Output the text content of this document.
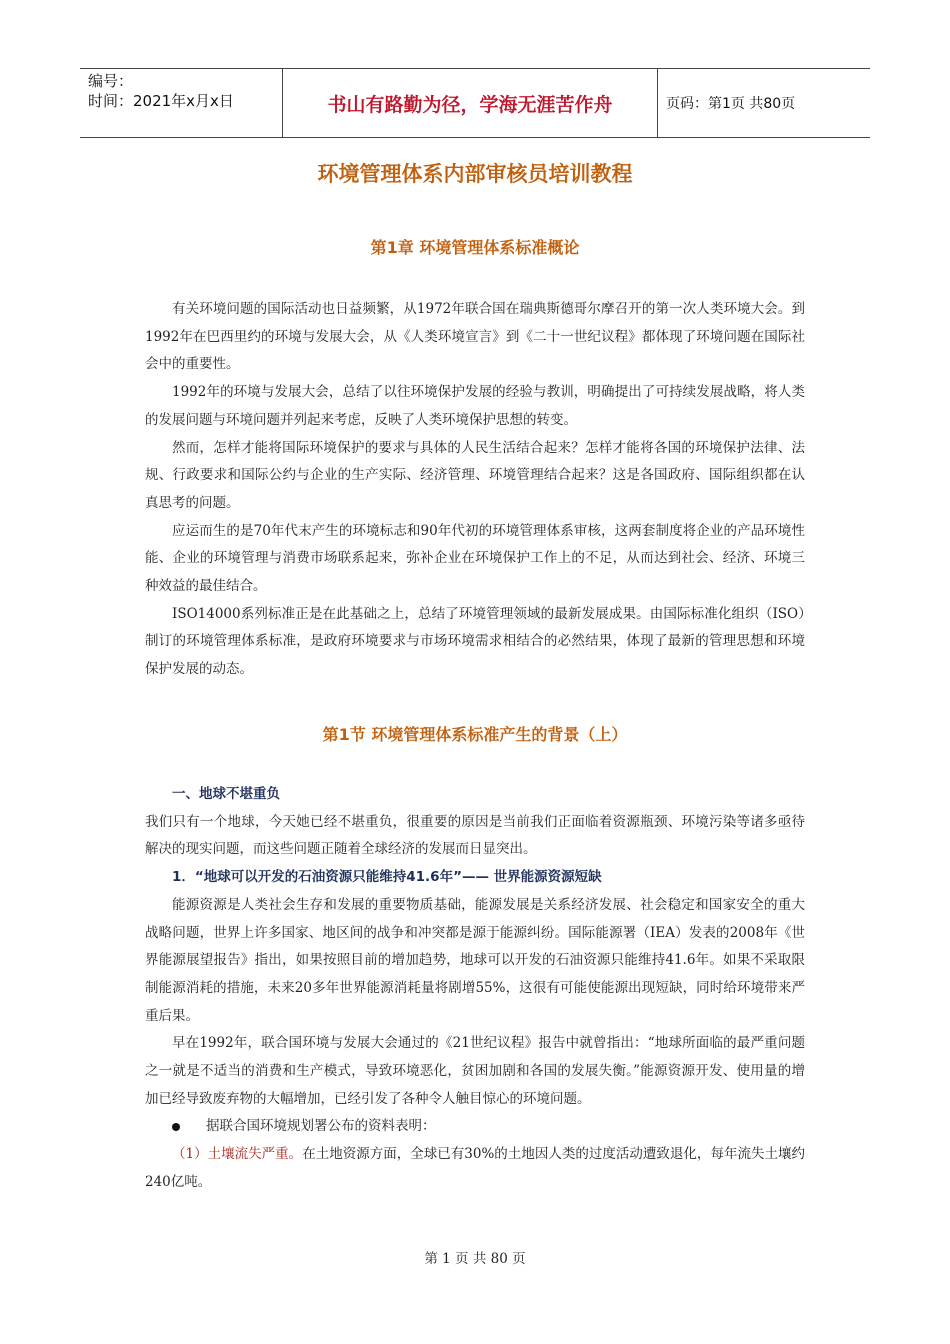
编号：
时间：2021年x月x日	书山有路勤为径，学海无涯苦作舟	页码：第1页 共80页
环境管理体系内部审核员培训教程
第1章 环境管理体系标准概论

有关环境问题的国际活动也日益频繁，从1972年联合国在瑞典斯德哥尔摩召开的第一次人类环境大会。到1992年在巴西里约的环境与发展大会，从《人类环境宣言》到《二十一世纪议程》都体现了环境问题在国际社会中的重要性。

1992年的环境与发展大会，总结了以往环境保护发展的经验与教训，明确提出了可持续发展战略，将人类的发展问题与环境问题并列起来考虑，反映了人类环境保护思想的转变。

然而，怎样才能将国际环境保护的要求与具体的人民生活结合起来？怎样才能将各国的环境保护法律、法规、行政要求和国际公约与企业的生产实际、经济管理、环境管理结合起来？这是各国政府、国际组织都在认真思考的问题。

应运而生的是70年代末产生的环境标志和90年代初的环境管理体系审核，这两套制度将企业的产品环境性能、企业的环境管理与消费市场联系起来，弥补企业在环境保护工作上的不足，从而达到社会、经济、环境三种效益的最佳结合。

ISO14000系列标准正是在此基础之上，总结了环境管理领域的最新发展成果。由国际标准化组织（ISO）制订的环境管理体系标准，是政府环境要求与市场环境需求相结合的必然结果，体现了最新的管理思想和环境保护发展的动态。

第1节 环境管理体系标准产生的背景（上）

一、地球不堪重负

我们只有一个地球，今天她已经不堪重负，很重要的原因是当前我们正面临着资源瓶颈、环境污染等诸多亟待解决的现实问题，而这些问题正随着全球经济的发展而日显突出。

1．“地球可以开发的石油资源只能维持41.6年”—— 世界能源资源短缺

能源资源是人类社会生存和发展的重要物质基础，能源发展是关系经济发展、社会稳定和国家安全的重大战略问题，世界上许多国家、地区间的战争和冲突都是源于能源纠纷。国际能源署（IEA）发表的2008年《世界能源展望报告》指出，如果按照目前的增加趋势，地球可以开发的石油资源只能维持41.6年。如果不采取限制能源消耗的措施，未来20多年世界能源消耗量将剧增55%，这很有可能使能源出现短缺，同时给环境带来严重后果。

早在1992年，联合国环境与发展大会通过的《21世纪议程》报告中就曾指出：“地球所面临的最严重问题之一就是不适当的消费和生产模式，导致环境恶化，贫困加剧和各国的发展失衡。”能源资源开发、使用量的增加已经导致废弃物的大幅增加，已经引发了各种令人触目惊心的环境问题。

据联合国环境规划署公布的资料表明：

（1）土壤流失严重。在土地资源方面，全球已有30%的土地因人类的过度活动遭致退化，每年流失土壤约240亿吨。

第 1 页 共 80 页
